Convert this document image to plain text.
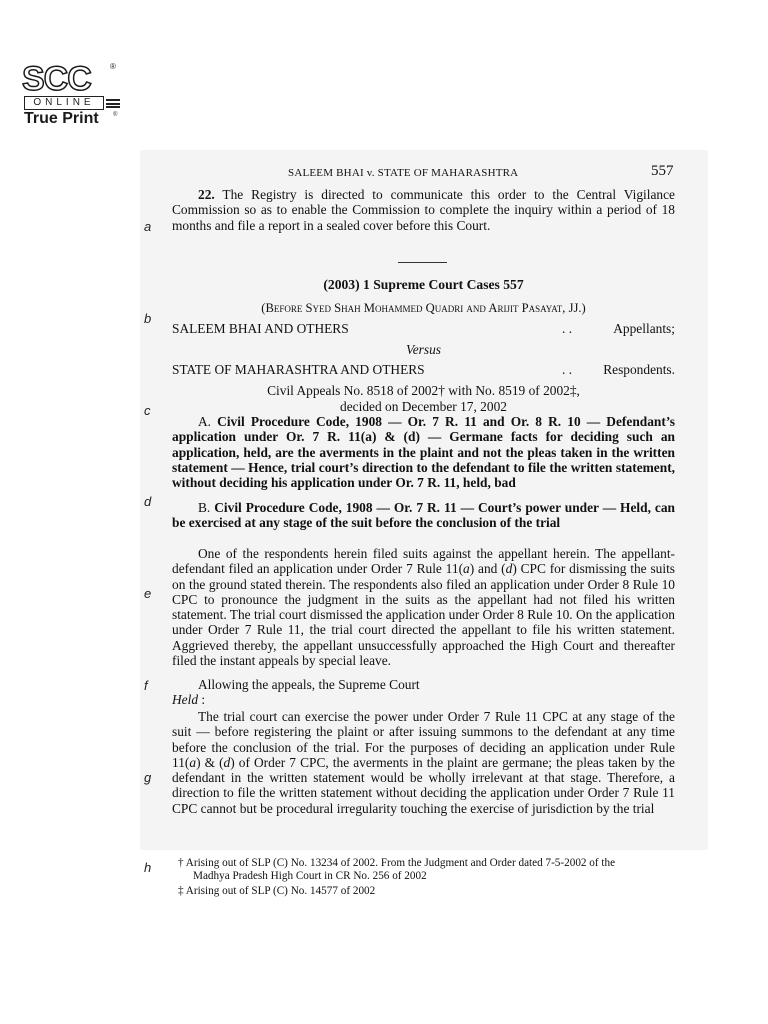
SCC ®
ONLINE
True Print ®
SALEEM BHAI v. STATE OF MAHARASHTRA	557
22. The Registry is directed to communicate this order to the Central Vigilance Commission so as to enable the Commission to complete the inquiry within a period of 18 months and file a report in a sealed cover before this Court.
(2003) 1 Supreme Court Cases 557
(Before Syed Shah Mohammed Quadri and Arijit Pasayat, JJ.)
SALEEM BHAI AND OTHERS	. .	Appellants;
Versus
STATE OF MAHARASHTRA AND OTHERS	. . Respondents.
Civil Appeals No. 8518 of 2002† with No. 8519 of 2002‡,
decided on December 17, 2002
A. Civil Procedure Code, 1908 — Or. 7 R. 11 and Or. 8 R. 10 — Defendant’s application under Or. 7 R. 11(a) & (d) — Germane facts for deciding such an application, held, are the averments in the plaint and not the pleas taken in the written statement — Hence, trial court’s direction to the defendant to file the written statement, without deciding his application under Or. 7 R. 11, held, bad
B. Civil Procedure Code, 1908 — Or. 7 R. 11 — Court’s power under — Held, can be exercised at any stage of the suit before the conclusion of the trial
One of the respondents herein filed suits against the appellant herein. The appellant-defendant filed an application under Order 7 Rule 11(a) and (d) CPC for dismissing the suits on the ground stated therein. The respondents also filed an application under Order 8 Rule 10 CPC to pronounce the judgment in the suits as the appellant had not filed his written statement. The trial court dismissed the application under Order 8 Rule 10. On the application under Order 7 Rule 11, the trial court directed the appellant to file his written statement. Aggrieved thereby, the appellant unsuccessfully approached the High Court and thereafter filed the instant appeals by special leave.
Allowing the appeals, the Supreme Court
Held :
The trial court can exercise the power under Order 7 Rule 11 CPC at any stage of the suit — before registering the plaint or after issuing summons to the defendant at any time before the conclusion of the trial. For the purposes of deciding an application under Rule 11(a) & (d) of Order 7 CPC, the averments in the plaint are germane; the pleas taken by the defendant in the written statement would be wholly irrelevant at that stage. Therefore, a direction to file the written statement without deciding the application under Order 7 Rule 11 CPC cannot but be procedural irregularity touching the exercise of jurisdiction by the trial
† Arising out of SLP (C) No. 13234 of 2002. From the Judgment and Order dated 7-5-2002 of the
Madhya Pradesh High Court in CR No. 256 of 2002
‡ Arising out of SLP (C) No. 14577 of 2002
a
b
c
d
e
f
g
h
